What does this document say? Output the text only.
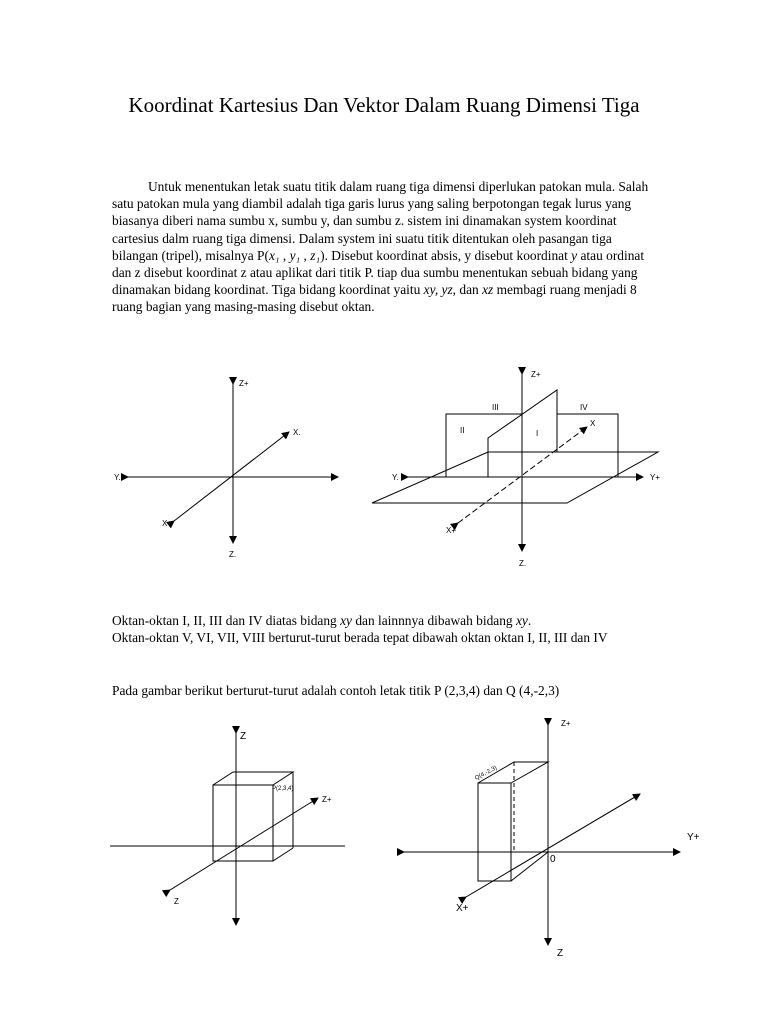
Koordinat Kartesius Dan Vektor Dalam Ruang Dimensi Tiga
Untuk menentukan letak suatu titik dalam ruang tiga dimensi diperlukan patokan mula. Salah satu patokan mula yang diambil adalah tiga garis lurus yang saling berpotongan tegak lurus yang biasanya diberi nama sumbu x, sumbu y, dan sumbu z. sistem ini dinamakan system koordinat cartesius dalm ruang tiga dimensi. Dalam system ini suatu titik ditentukan oleh pasangan tiga bilangan (tripel), misalnya P(x₁ , y₁ , z₁). Disebut koordinat absis, y disebut koordinat y atau ordinat dan z disebut koordinat z atau aplikat dari titik P. tiap dua sumbu menentukan sebuah bidang yang dinamakan bidang koordinat. Tiga bidang koordinat yaitu xy, yz, dan xz membagi ruang menjadi 8 ruang bagian yang masing-masing disebut oktan.
Z+
X.
Y.
X+
Z.
Z+
Y.	Y+
X
X+
Z.
I
II
III	IV
Z
Z+
Z
P(2,3,4)
Z+
Y+
0
X+
Z
Q(4,-2,3)
Oktan-oktan I, II, III dan IV diatas bidang xy dan lainnnya dibawah bidang xy.
Oktan-oktan V, VI, VII, VIII berturut-turut berada tepat dibawah oktan oktan I, II, III dan IV
Pada gambar berikut berturut-turut adalah contoh letak titik P (2,3,4) dan Q (4,-2,3)
